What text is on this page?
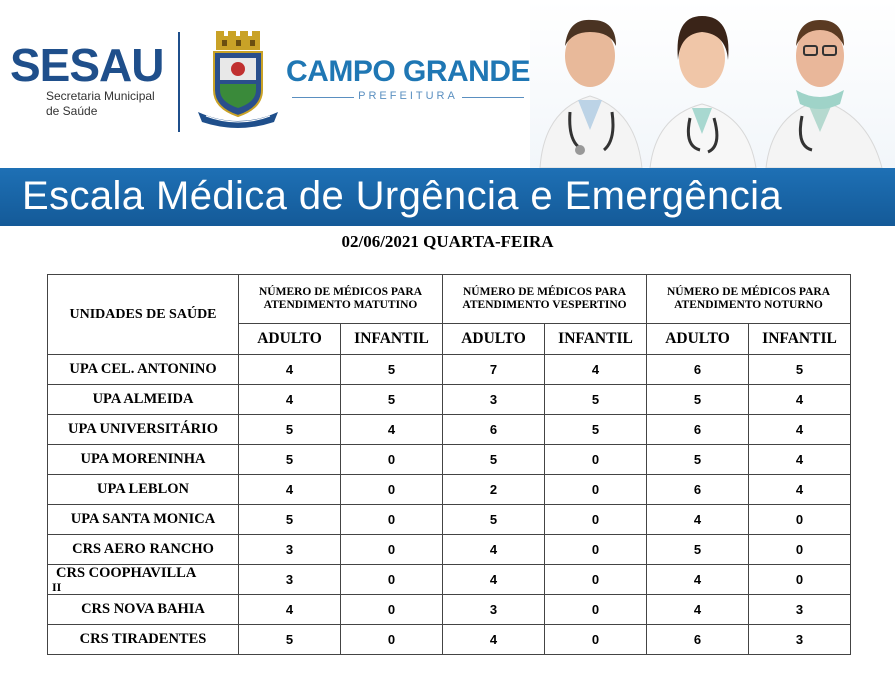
SESAU
Secretaria Municipal
de Saúde
CAMPO GRANDE
PREFEITURA
Escala Médica de Urgência e Emergência
02/06/2021 QUARTA-FEIRA
UNIDADES DE SAÚDE	NÚMERO DE MÉDICOS PARA ATENDIMENTO MATUTINO		NÚMERO DE MÉDICOS PARA ATENDIMENTO VESPERTINO		NÚMERO DE MÉDICOS PARA ATENDIMENTO NOTURNO	
	ADULTO	INFANTIL	ADULTO	INFANTIL	ADULTO	INFANTIL
UPA CEL. ANTONINO	4	5	7	4	6	5
UPA ALMEIDA	4	5	3	5	5	4
UPA UNIVERSITÁRIO	5	4	6	5	6	4
UPA MORENINHA	5	0	5	0	5	4
UPA LEBLON	4	0	2	0	6	4
UPA SANTA MONICA	5	0	5	0	4	0
CRS AERO RANCHO	3	0	4	0	5	0
CRS COOPHAVILLA
II	3	0	4	0	4	0
CRS NOVA BAHIA	4	0	3	0	4	3
CRS TIRADENTES	5	0	4	0	6	3
